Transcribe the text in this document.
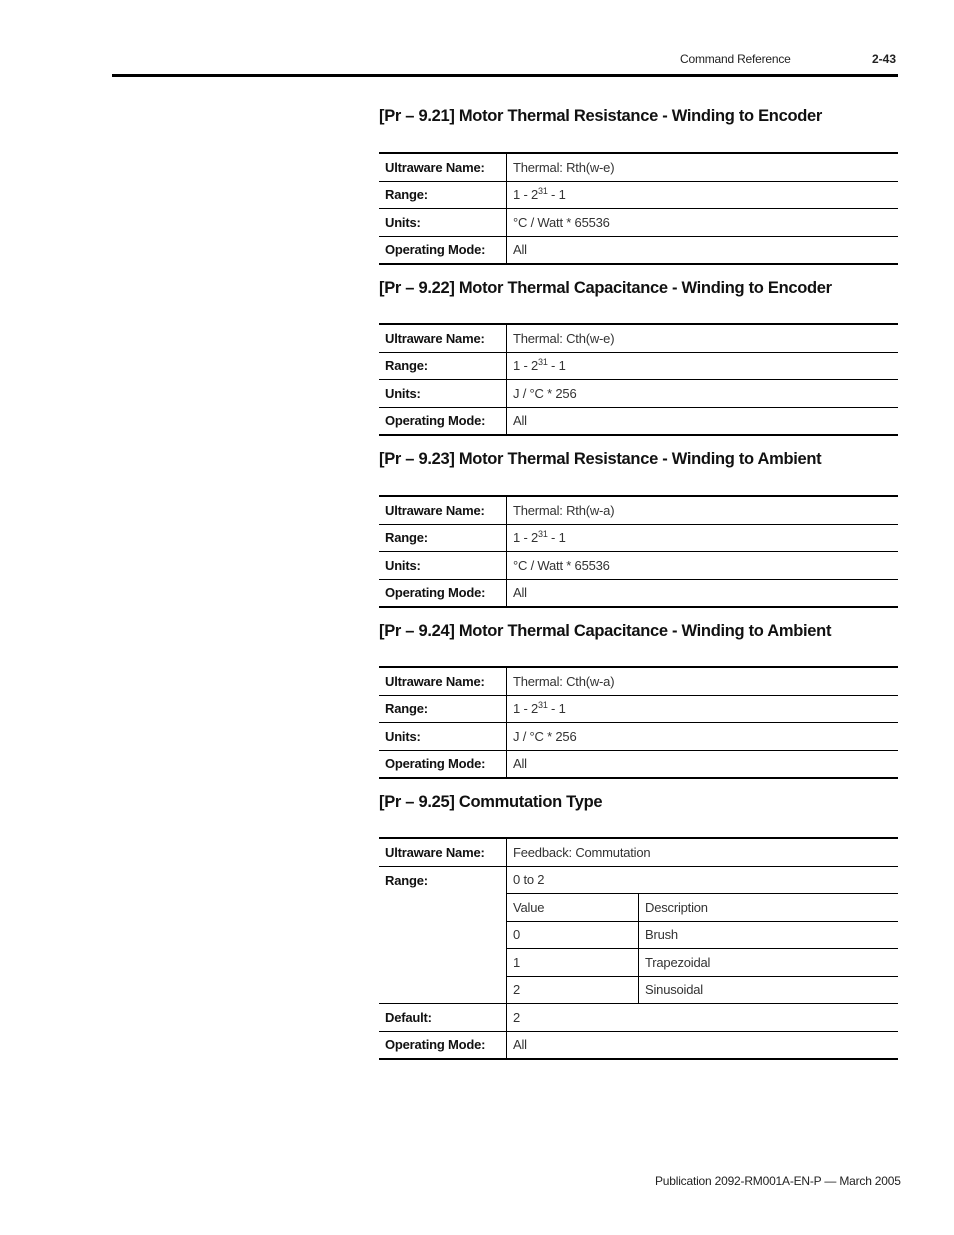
Command Reference	2-43
[Pr – 9.21] Motor Thermal Resistance - Winding to Encoder
Ultraware Name:	Thermal: Rth(w-e)
Range:	$1 - 2^{31} - 1$
Units:	°C / Watt * 65536
Operating Mode:	All
[Pr – 9.22] Motor Thermal Capacitance - Winding to Encoder
Ultraware Name:	Thermal: Cth(w-e)
Range:	$1 - 2^{31} - 1$
Units:	J / °C * 256
Operating Mode:	All
[Pr – 9.23] Motor Thermal Resistance - Winding to Ambient
Ultraware Name:	Thermal: Rth(w-a)
Range:	$1 - 2^{31} - 1$
Units:	°C / Watt * 65536
Operating Mode:	All
[Pr – 9.24] Motor Thermal Capacitance - Winding to Ambient
Ultraware Name:	Thermal: Cth(w-a)
Range:	$1 - 2^{31} - 1$
Units:	J / °C * 256
Operating Mode:	All
[Pr – 9.25] Commutation Type
Ultraware Name:	Feedback: Commutation
Range:		0 to 2
Value	Description
0	Brush
1	Trapezoidal
2	Sinusoidal

Default:	2
Operating Mode:	All
Publication 2092-RM001A-EN-P — March 2005
